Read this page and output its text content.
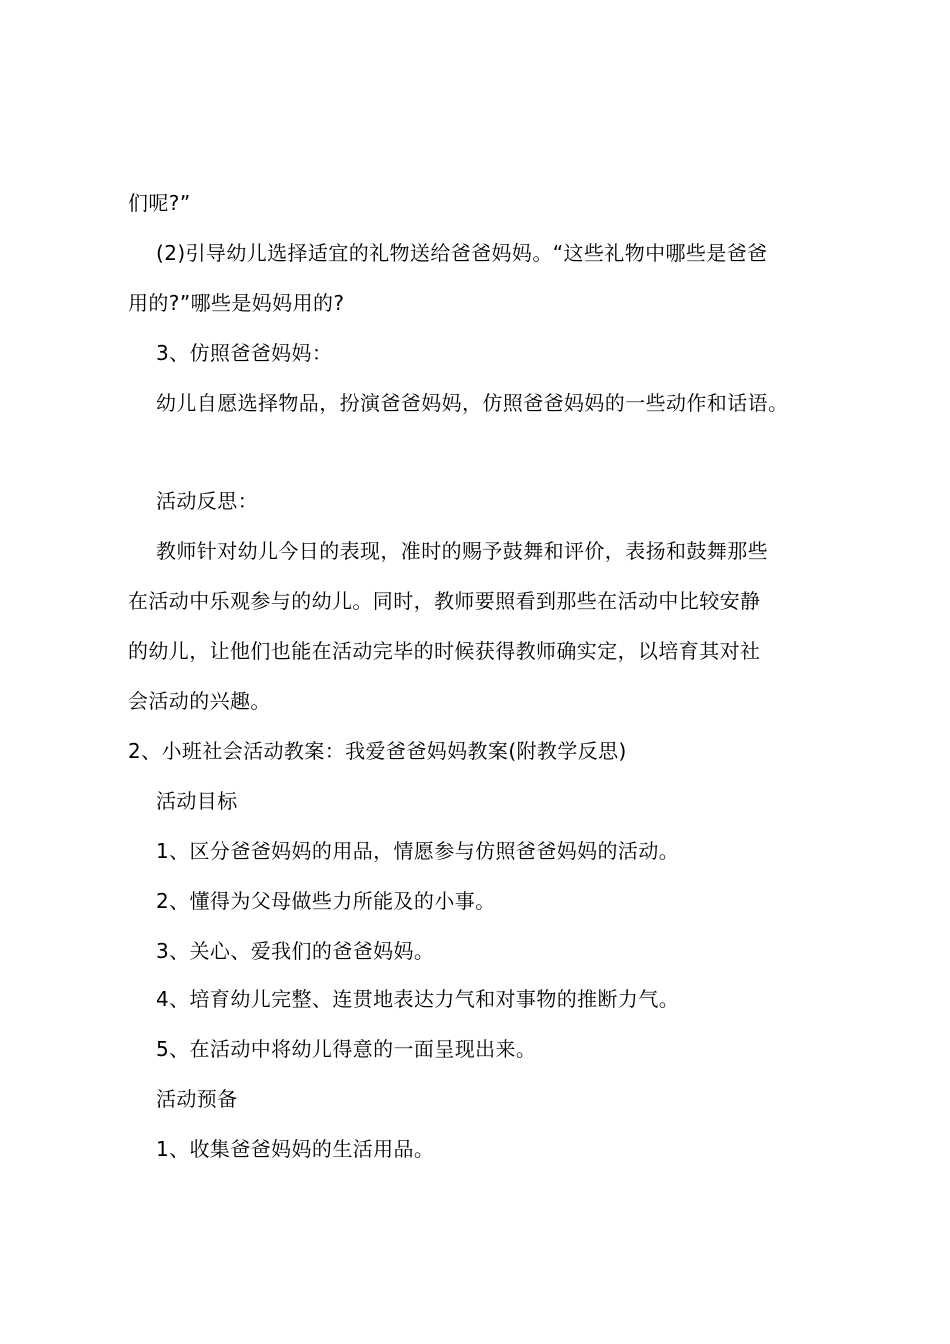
们呢?”
(2)引导幼儿选择适宜的礼物送给爸爸妈妈。“这些礼物中哪些是爸爸
用的?”哪些是妈妈用的?
3、仿照爸爸妈妈：
幼儿自愿选择物品，扮演爸爸妈妈，仿照爸爸妈妈的一些动作和话语。
活动反思：
教师针对幼儿今日的表现，准时的赐予鼓舞和评价，表扬和鼓舞那些
在活动中乐观参与的幼儿。同时，教师要照看到那些在活动中比较安静
的幼儿，让他们也能在活动完毕的时候获得教师确实定，以培育其对社
会活动的兴趣。
2、小班社会活动教案：我爱爸爸妈妈教案(附教学反思)
活动目标
1、区分爸爸妈妈的用品，情愿参与仿照爸爸妈妈的活动。
2、懂得为父母做些力所能及的小事。
3、关心、爱我们的爸爸妈妈。
4、培育幼儿完整、连贯地表达力气和对事物的推断力气。
5、在活动中将幼儿得意的一面呈现出来。
活动预备
1、收集爸爸妈妈的生活用品。
